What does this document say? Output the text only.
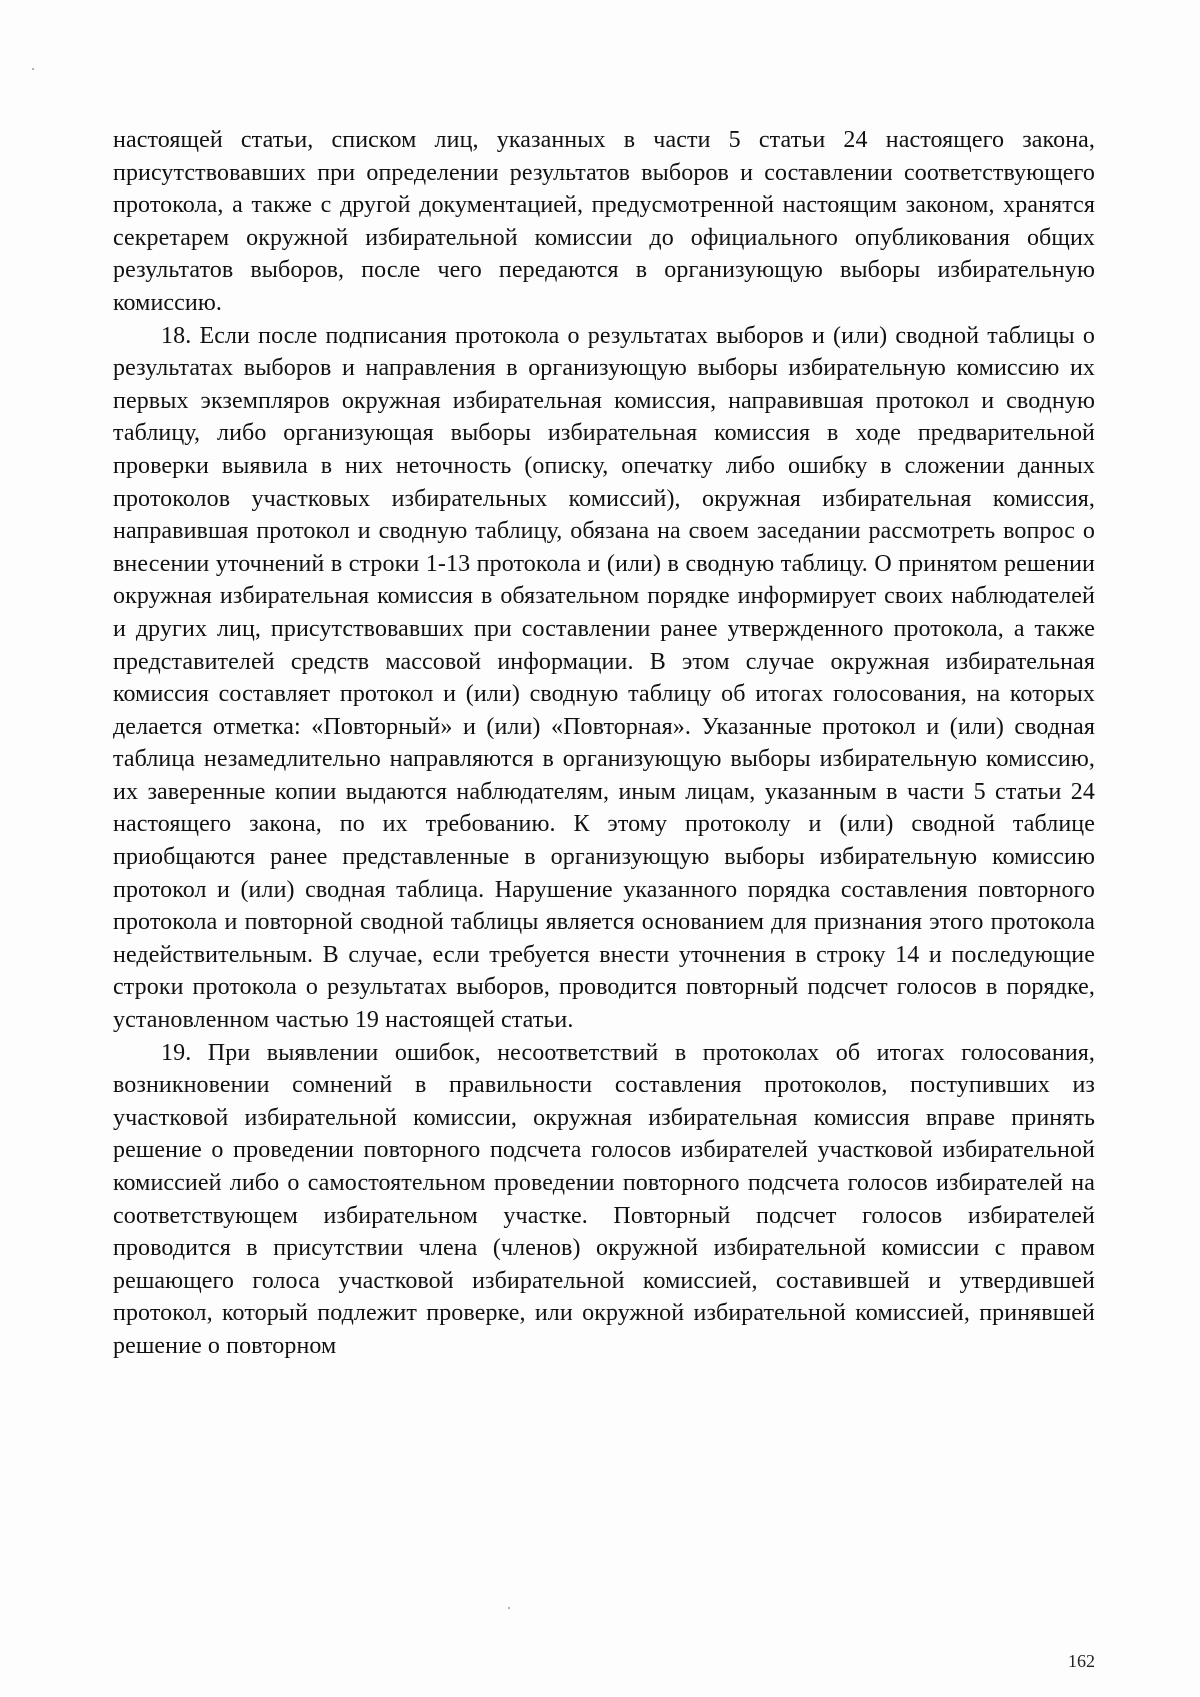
настоящей статьи, списком лиц, указанных в части 5 статьи 24 настоящего закона, присутствовавших при определении результатов выборов и составлении соответствующего протокола, а также с другой документацией, предусмотренной настоящим законом, хранятся секретарем окружной избирательной комиссии до официального опубликования общих результатов выборов, после чего передаются в организующую выборы избирательную комиссию.

18. Если после подписания протокола о результатах выборов и (или) сводной таблицы о результатах выборов и направления в организующую выборы избирательную комиссию их первых экземпляров окружная избирательная комиссия, направившая протокол и сводную таблицу, либо организующая выборы избирательная комиссия в ходе предварительной проверки выявила в них неточность (описку, опечатку либо ошибку в сложении данных протоколов участковых избирательных комиссий), окружная избирательная комиссия, направившая протокол и сводную таблицу, обязана на своем заседании рассмотреть вопрос о внесении уточнений в строки 1-13 протокола и (или) в сводную таблицу. О принятом решении окружная избирательная комиссия в обязательном порядке информирует своих наблюдателей и других лиц, присутствовавших при составлении ранее утвержденного протокола, а также представителей средств массовой информации. В этом случае окружная избирательная комиссия составляет протокол и (или) сводную таблицу об итогах голосования, на которых делается отметка: «Повторный» и (или) «Повторная». Указанные протокол и (или) сводная таблица незамедлительно направляются в организующую выборы избирательную комиссию, их заверенные копии выдаются наблюдателям, иным лицам, указанным в части 5 статьи 24 настоящего закона, по их требованию. К этому протоколу и (или) сводной таблице приобщаются ранее представленные в организующую выборы избирательную комиссию протокол и (или) сводная таблица. Нарушение указанного порядка составления повторного протокола и повторной сводной таблицы является основанием для признания этого протокола недействительным. В случае, если требуется внести уточнения в строку 14 и последующие строки протокола о результатах выборов, проводится повторный подсчет голосов в порядке, установленном частью 19 настоящей статьи.

19. При выявлении ошибок, несоответствий в протоколах об итогах голосования, возникновении сомнений в правильности составления протоколов, поступивших из участковой избирательной комиссии, окружная избирательная комиссия вправе принять решение о проведении повторного подсчета голосов избирателей участковой избирательной комиссией либо о самостоятельном проведении повторного подсчета голосов избирателей на соответствующем избирательном участке. Повторный подсчет голосов избирателей проводится в присутствии члена (членов) окружной избирательной комиссии с правом решающего голоса участковой избирательной комиссией, составившей и утвердившей протокол, который подлежит проверке, или окружной избирательной комиссией, принявшей решение о повторном

162
